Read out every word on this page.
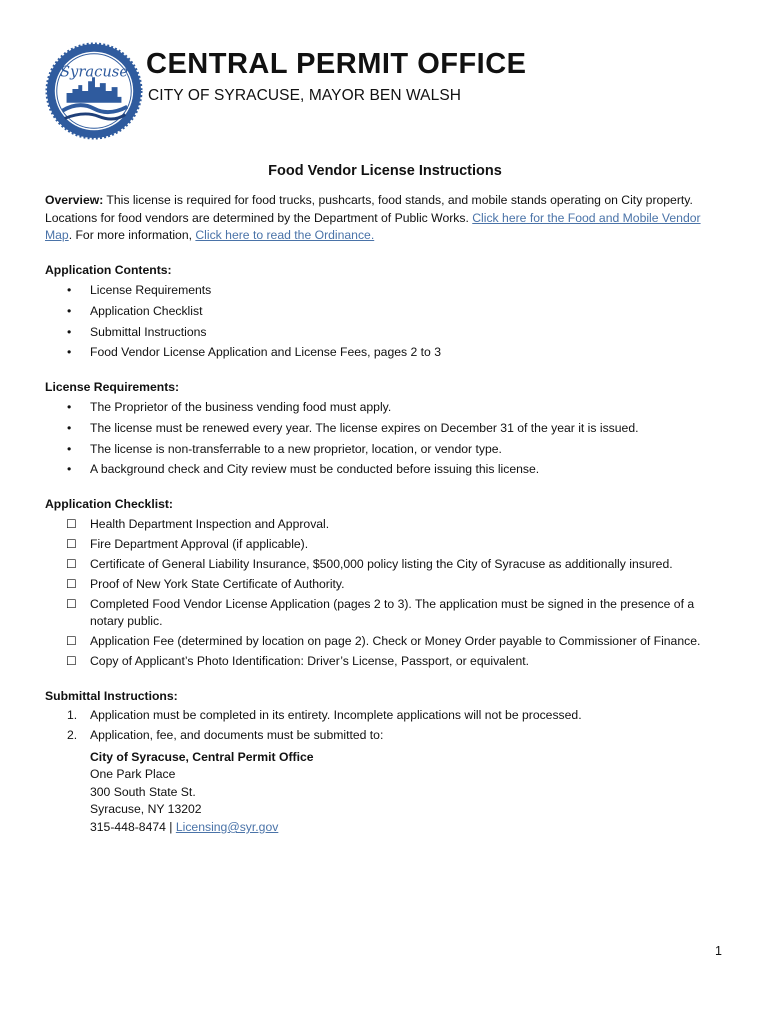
Syracuse CENTRAL PERMIT OFFICE
CITY OF SYRACUSE, MAYOR BEN WALSH
Food Vendor License Instructions

Overview: This license is required for food trucks, pushcarts, food stands, and mobile stands operating on City property. Locations for food vendors are determined by the Department of Public Works. Click here for the Food and Mobile Vendor Map. For more information, Click here to read the Ordinance.

Application Contents:
• License Requirements
• Application Checklist
• Submittal Instructions
• Food Vendor License Application and License Fees, pages 2 to 3
License Requirements:
• The Proprietor of the business vending food must apply.
• The license must be renewed every year. The license expires on December 31 of the year it is issued.
• The license is non-transferrable to a new proprietor, location, or vendor type.
• A background check and City review must be conducted before issuing this license.
Application Checklist:
☐ Health Department Inspection and Approval.
☐ Fire Department Approval (if applicable).
☐ Certificate of General Liability Insurance, $500,000 policy listing the City of Syracuse as additionally insured.
☐ Proof of New York State Certificate of Authority.
☐ Completed Food Vendor License Application (pages 2 to 3). The application must be signed in the presence of a notary public.
☐ Application Fee (determined by location on page 2). Check or Money Order payable to Commissioner of Finance.
☐ Copy of Applicant’s Photo Identification: Driver’s License, Passport, or equivalent.
Submittal Instructions:
1. Application must be completed in its entirety. Incomplete applications will not be processed.
2. Application, fee, and documents must be submitted to:
City of Syracuse, Central Permit Office
One Park Place
300 South State St.
Syracuse, NY 13202
315-448-8474 | Licensing@syr.gov
1
